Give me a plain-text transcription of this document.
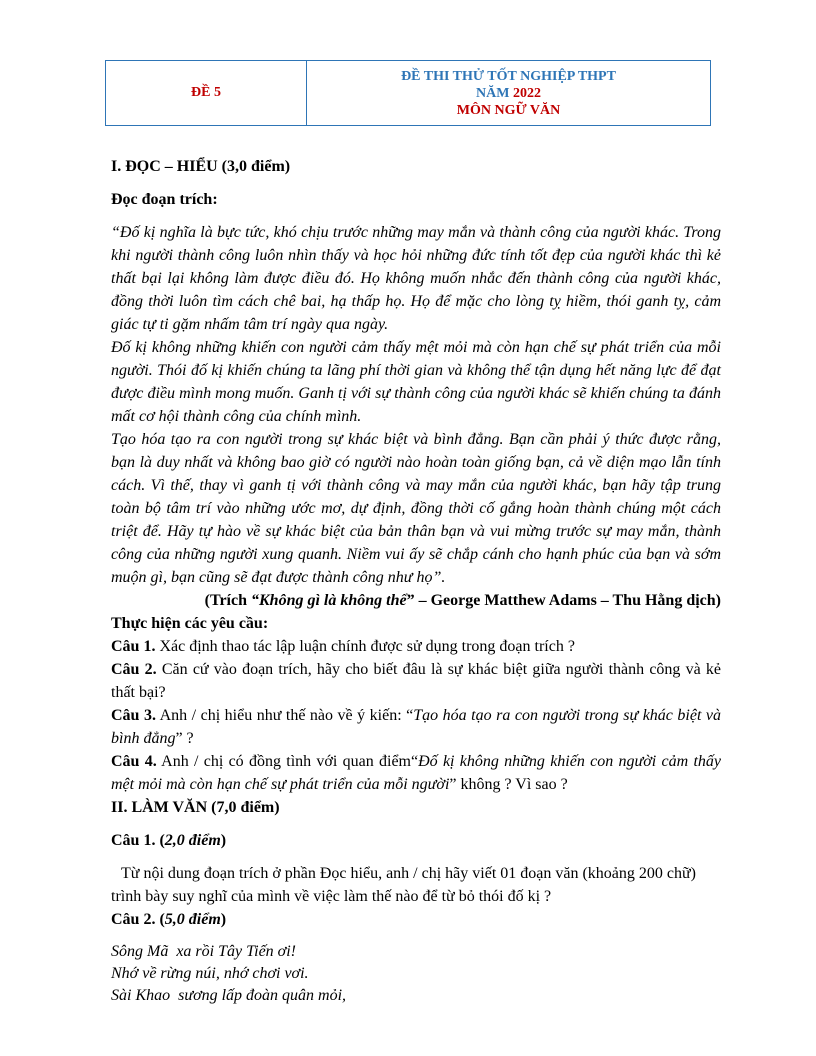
ĐỀ 5
ĐỀ THI THỬ TỐT NGHIỆP THPT
NĂM 2022
MÔN NGỮ VĂN
I. ĐỌC – HIỂU (3,0 điểm)
Đọc đoạn trích:
“Đố kị nghĩa là bực tức, khó chịu trước những may mắn và thành công của người khác. Trong khi người thành công luôn nhìn thấy và học hỏi những đức tính tốt đẹp của người khác thì kẻ thất bại lại không làm được điều đó. Họ không muốn nhắc đến thành công của người khác, đồng thời luôn tìm cách chê bai, hạ thấp họ. Họ để mặc cho lòng tỵ hiềm, thói ganh tỵ, cảm giác tự ti gặm nhấm tâm trí ngày qua ngày.
Đố kị không những khiến con người cảm thấy mệt mỏi mà còn hạn chế sự phát triển của mỗi người. Thói đố kị khiến chúng ta lãng phí thời gian và không thể tận dụng hết năng lực để đạt được điều mình mong muốn. Ganh tị với sự thành công của người khác sẽ khiến chúng ta đánh mất cơ hội thành công của chính mình.
Tạo hóa tạo ra con người trong sự khác biệt và bình đẳng. Bạn cần phải ý thức được rằng, bạn là duy nhất và không bao giờ có người nào hoàn toàn giống bạn, cả về diện mạo lẫn tính cách. Vì thế, thay vì ganh tị với thành công và may mắn của người khác, bạn hãy tập trung toàn bộ tâm trí vào những ước mơ, dự định, đồng thời cố gắng hoàn thành chúng một cách triệt để. Hãy tự hào về sự khác biệt của bản thân bạn và vui mừng trước sự may mắn, thành công của những người xung quanh. Niềm vui ấy sẽ chắp cánh cho hạnh phúc của bạn và sớm muộn gì, bạn cũng sẽ đạt được thành công như họ”.
(Trích “Không gì là không thể” – George Matthew Adams – Thu Hằng dịch)
Thực hiện các yêu cầu:
Câu 1. Xác định thao tác lập luận chính được sử dụng trong đoạn trích ?
Câu 2. Căn cứ vào đoạn trích, hãy cho biết đâu là sự khác biệt giữa người thành công và kẻ thất bại?
Câu 3. Anh / chị hiểu như thế nào về ý kiến: “Tạo hóa tạo ra con người trong sự khác biệt và bình đẳng” ?
Câu 4. Anh / chị có đồng tình với quan điểm“Đố kị không những khiến con người cảm thấy mệt mỏi mà còn hạn chế sự phát triển của mỗi người” không ? Vì sao ?
II. LÀM VĂN (7,0 điểm)
Câu 1. (2,0 điểm)
Từ nội dung đoạn trích ở phần Đọc hiểu, anh / chị hãy viết 01 đoạn văn (khoảng 200 chữ) trình bày suy nghĩ của mình về việc làm thế nào để từ bỏ thói đố kị ?
Câu 2. (5,0 điểm)
Sông Mã  xa rồi Tây Tiến ơi!
Nhớ về rừng núi, nhớ chơi vơi.
Sài Khao  sương lấp đoàn quân mỏi,
